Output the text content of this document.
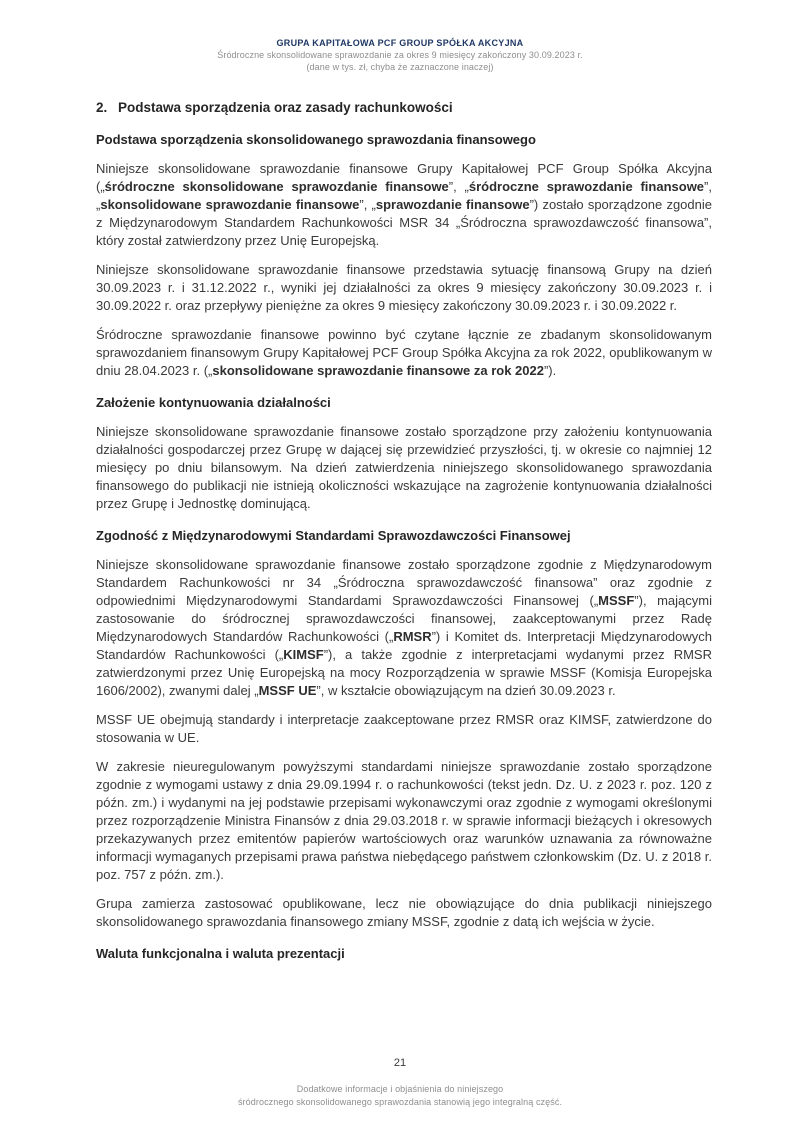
GRUPA KAPITAŁOWA PCF GROUP SPÓŁKA AKCYJNA
Śródroczne skonsolidowane sprawozdanie za okres 9 miesięcy zakończony 30.09.2023 r.
(dane w tys. zł, chyba że zaznaczone inaczej)
2. Podstawa sporządzenia oraz zasady rachunkowości
Podstawa sporządzenia skonsolidowanego sprawozdania finansowego

Niniejsze skonsolidowane sprawozdanie finansowe Grupy Kapitałowej PCF Group Spółka Akcyjna („śródroczne skonsolidowane sprawozdanie finansowe”, „śródroczne sprawozdanie finansowe”, „skonsolidowane sprawozdanie finansowe”, „sprawozdanie finansowe”) zostało sporządzone zgodnie z Międzynarodowym Standardem Rachunkowości MSR 34 „Śródroczna sprawozdawczość finansowa”, który został zatwierdzony przez Unię Europejską.

Niniejsze skonsolidowane sprawozdanie finansowe przedstawia sytuację finansową Grupy na dzień 30.09.2023 r. i 31.12.2022 r., wyniki jej działalności za okres 9 miesięcy zakończony 30.09.2023 r. i 30.09.2022 r. oraz przepływy pieniężne za okres 9 miesięcy zakończony 30.09.2023 r. i 30.09.2022 r.

Śródroczne sprawozdanie finansowe powinno być czytane łącznie ze zbadanym skonsolidowanym sprawozdaniem finansowym Grupy Kapitałowej PCF Group Spółka Akcyjna za rok 2022, opublikowanym w dniu 28.04.2023 r. („skonsolidowane sprawozdanie finansowe za rok 2022”).

Założenie kontynuowania działalności

Niniejsze skonsolidowane sprawozdanie finansowe zostało sporządzone przy założeniu kontynuowania działalności gospodarczej przez Grupę w dającej się przewidzieć przyszłości, tj. w okresie co najmniej 12 miesięcy po dniu bilansowym. Na dzień zatwierdzenia niniejszego skonsolidowanego sprawozdania finansowego do publikacji nie istnieją okoliczności wskazujące na zagrożenie kontynuowania działalności przez Grupę i Jednostkę dominującą.

Zgodność z Międzynarodowymi Standardami Sprawozdawczości Finansowej

Niniejsze skonsolidowane sprawozdanie finansowe zostało sporządzone zgodnie z Międzynarodowym Standardem Rachunkowości nr 34 „Śródroczna sprawozdawczość finansowa” oraz zgodnie z odpowiednimi Międzynarodowymi Standardami Sprawozdawczości Finansowej („MSSF”), mającymi zastosowanie do śródrocznej sprawozdawczości finansowej, zaakceptowanymi przez Radę Międzynarodowych Standardów Rachunkowości („RMSR”) i Komitet ds. Interpretacji Międzynarodowych Standardów Rachunkowości („KIMSF”), a także zgodnie z interpretacjami wydanymi przez RMSR zatwierdzonymi przez Unię Europejską na mocy Rozporządzenia w sprawie MSSF (Komisja Europejska 1606/2002), zwanymi dalej „MSSF UE”, w kształcie obowiązującym na dzień 30.09.2023 r.

MSSF UE obejmują standardy i interpretacje zaakceptowane przez RMSR oraz KIMSF, zatwierdzone do stosowania w UE.

W zakresie nieuregulowanym powyższymi standardami niniejsze sprawozdanie zostało sporządzone zgodnie z wymogami ustawy z dnia 29.09.1994 r. o rachunkowości (tekst jedn. Dz. U. z 2023 r. poz. 120 z późn. zm.) i wydanymi na jej podstawie przepisami wykonawczymi oraz zgodnie z wymogami określonymi przez rozporządzenie Ministra Finansów z dnia 29.03.2018 r. w sprawie informacji bieżących i okresowych przekazywanych przez emitentów papierów wartościowych oraz warunków uznawania za równoważne informacji wymaganych przepisami prawa państwa niebędącego państwem członkowskim (Dz. U. z 2018 r. poz. 757 z późn. zm.).

Grupa zamierza zastosować opublikowane, lecz nie obowiązujące do dnia publikacji niniejszego skonsolidowanego sprawozdania finansowego zmiany MSSF, zgodnie z datą ich wejścia w życie.

Waluta funkcjonalna i waluta prezentacji
21
Dodatkowe informacje i objaśnienia do niniejszego
śródrocznego skonsolidowanego sprawozdania stanowią jego integralną część.
